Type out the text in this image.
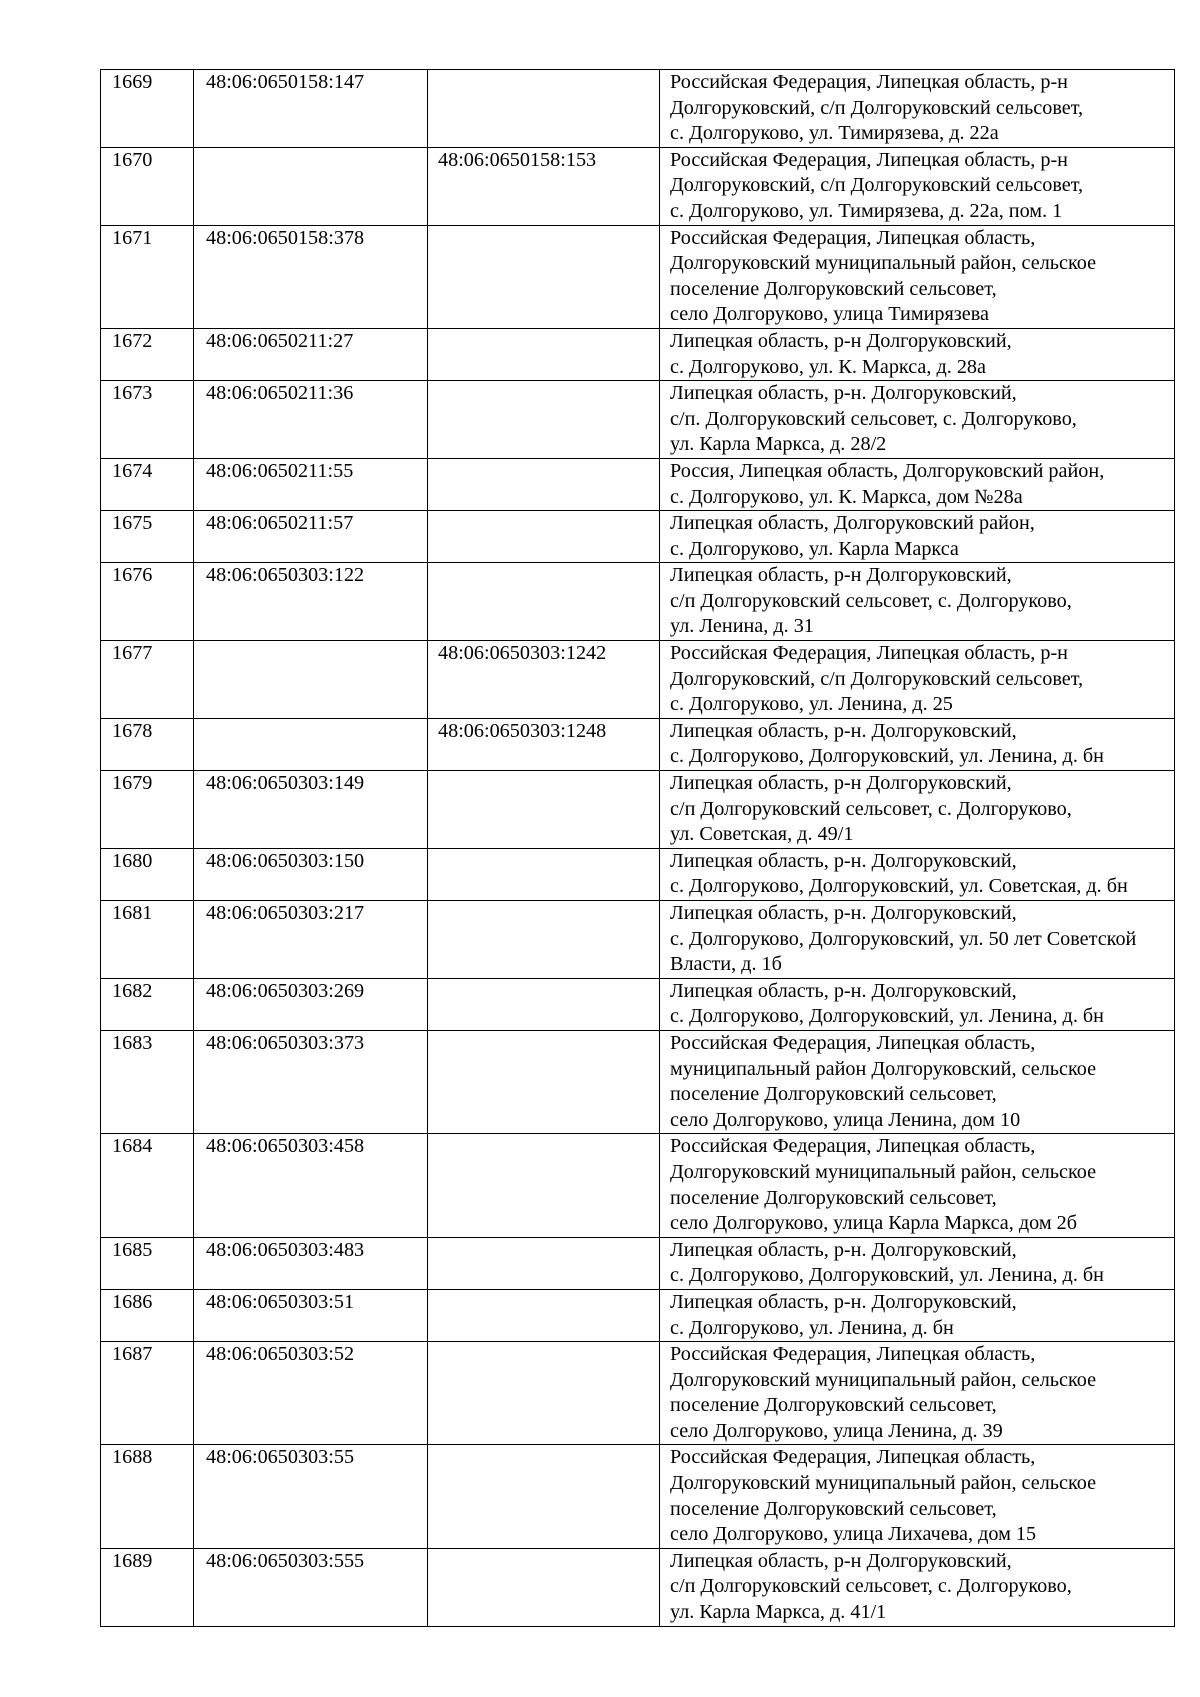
1669	48:06:0650158:147		Российская Федерация, Липецкая область, р-н
Долгоруковский, с/п Долгоруковский сельсовет,
с. Долгоруково, ул. Тимирязева, д. 22а
1670		48:06:0650158:153	Российская Федерация, Липецкая область, р-н
Долгоруковский, с/п Долгоруковский сельсовет,
с. Долгоруково, ул. Тимирязева, д. 22а, пом. 1
1671	48:06:0650158:378		Российская Федерация, Липецкая область,
Долгоруковский муниципальный район, сельское
поселение Долгоруковский сельсовет,
село Долгоруково, улица Тимирязева
1672	48:06:0650211:27		Липецкая область, р-н Долгоруковский,
с. Долгоруково, ул. К. Маркса, д. 28а
1673	48:06:0650211:36		Липецкая область, р-н. Долгоруковский,
с/п. Долгоруковский сельсовет, с. Долгоруково,
ул. Карла Маркса, д. 28/2
1674	48:06:0650211:55		Россия, Липецкая область, Долгоруковский район,
с. Долгоруково, ул. К. Маркса, дом №28а
1675	48:06:0650211:57		Липецкая область, Долгоруковский район,
с. Долгоруково, ул. Карла Маркса
1676	48:06:0650303:122		Липецкая область, р-н Долгоруковский,
с/п Долгоруковский сельсовет, с. Долгоруково,
ул. Ленина, д. 31
1677		48:06:0650303:1242	Российская Федерация, Липецкая область, р-н
Долгоруковский, с/п Долгоруковский сельсовет,
с. Долгоруково, ул. Ленина, д. 25
1678		48:06:0650303:1248	Липецкая область, р-н. Долгоруковский,
с. Долгоруково, Долгоруковский, ул. Ленина, д. бн
1679	48:06:0650303:149		Липецкая область, р-н Долгоруковский,
с/п Долгоруковский сельсовет, с. Долгоруково,
ул. Советская, д. 49/1
1680	48:06:0650303:150		Липецкая область, р-н. Долгоруковский,
с. Долгоруково, Долгоруковский, ул. Советская, д. бн
1681	48:06:0650303:217		Липецкая область, р-н. Долгоруковский,
с. Долгоруково, Долгоруковский, ул. 50 лет Советской
Власти, д. 1б
1682	48:06:0650303:269		Липецкая область, р-н. Долгоруковский,
с. Долгоруково, Долгоруковский, ул. Ленина, д. бн
1683	48:06:0650303:373		Российская Федерация, Липецкая область,
муниципальный район Долгоруковский, сельское
поселение Долгоруковский сельсовет,
село Долгоруково, улица Ленина, дом 10
1684	48:06:0650303:458		Российская Федерация, Липецкая область,
Долгоруковский муниципальный район, сельское
поселение Долгоруковский сельсовет,
село Долгоруково, улица Карла Маркса, дом 2б
1685	48:06:0650303:483		Липецкая область, р-н. Долгоруковский,
с. Долгоруково, Долгоруковский, ул. Ленина, д. бн
1686	48:06:0650303:51		Липецкая область, р-н. Долгоруковский,
с. Долгоруково, ул. Ленина, д. бн
1687	48:06:0650303:52		Российская Федерация, Липецкая область,
Долгоруковский муниципальный район, сельское
поселение Долгоруковский сельсовет,
село Долгоруково, улица Ленина, д. 39
1688	48:06:0650303:55		Российская Федерация, Липецкая область,
Долгоруковский муниципальный район, сельское
поселение Долгоруковский сельсовет,
село Долгоруково, улица Лихачева, дом 15
1689	48:06:0650303:555		Липецкая область, р-н Долгоруковский,
с/п Долгоруковский сельсовет, с. Долгоруково,
ул. Карла Маркса, д. 41/1
